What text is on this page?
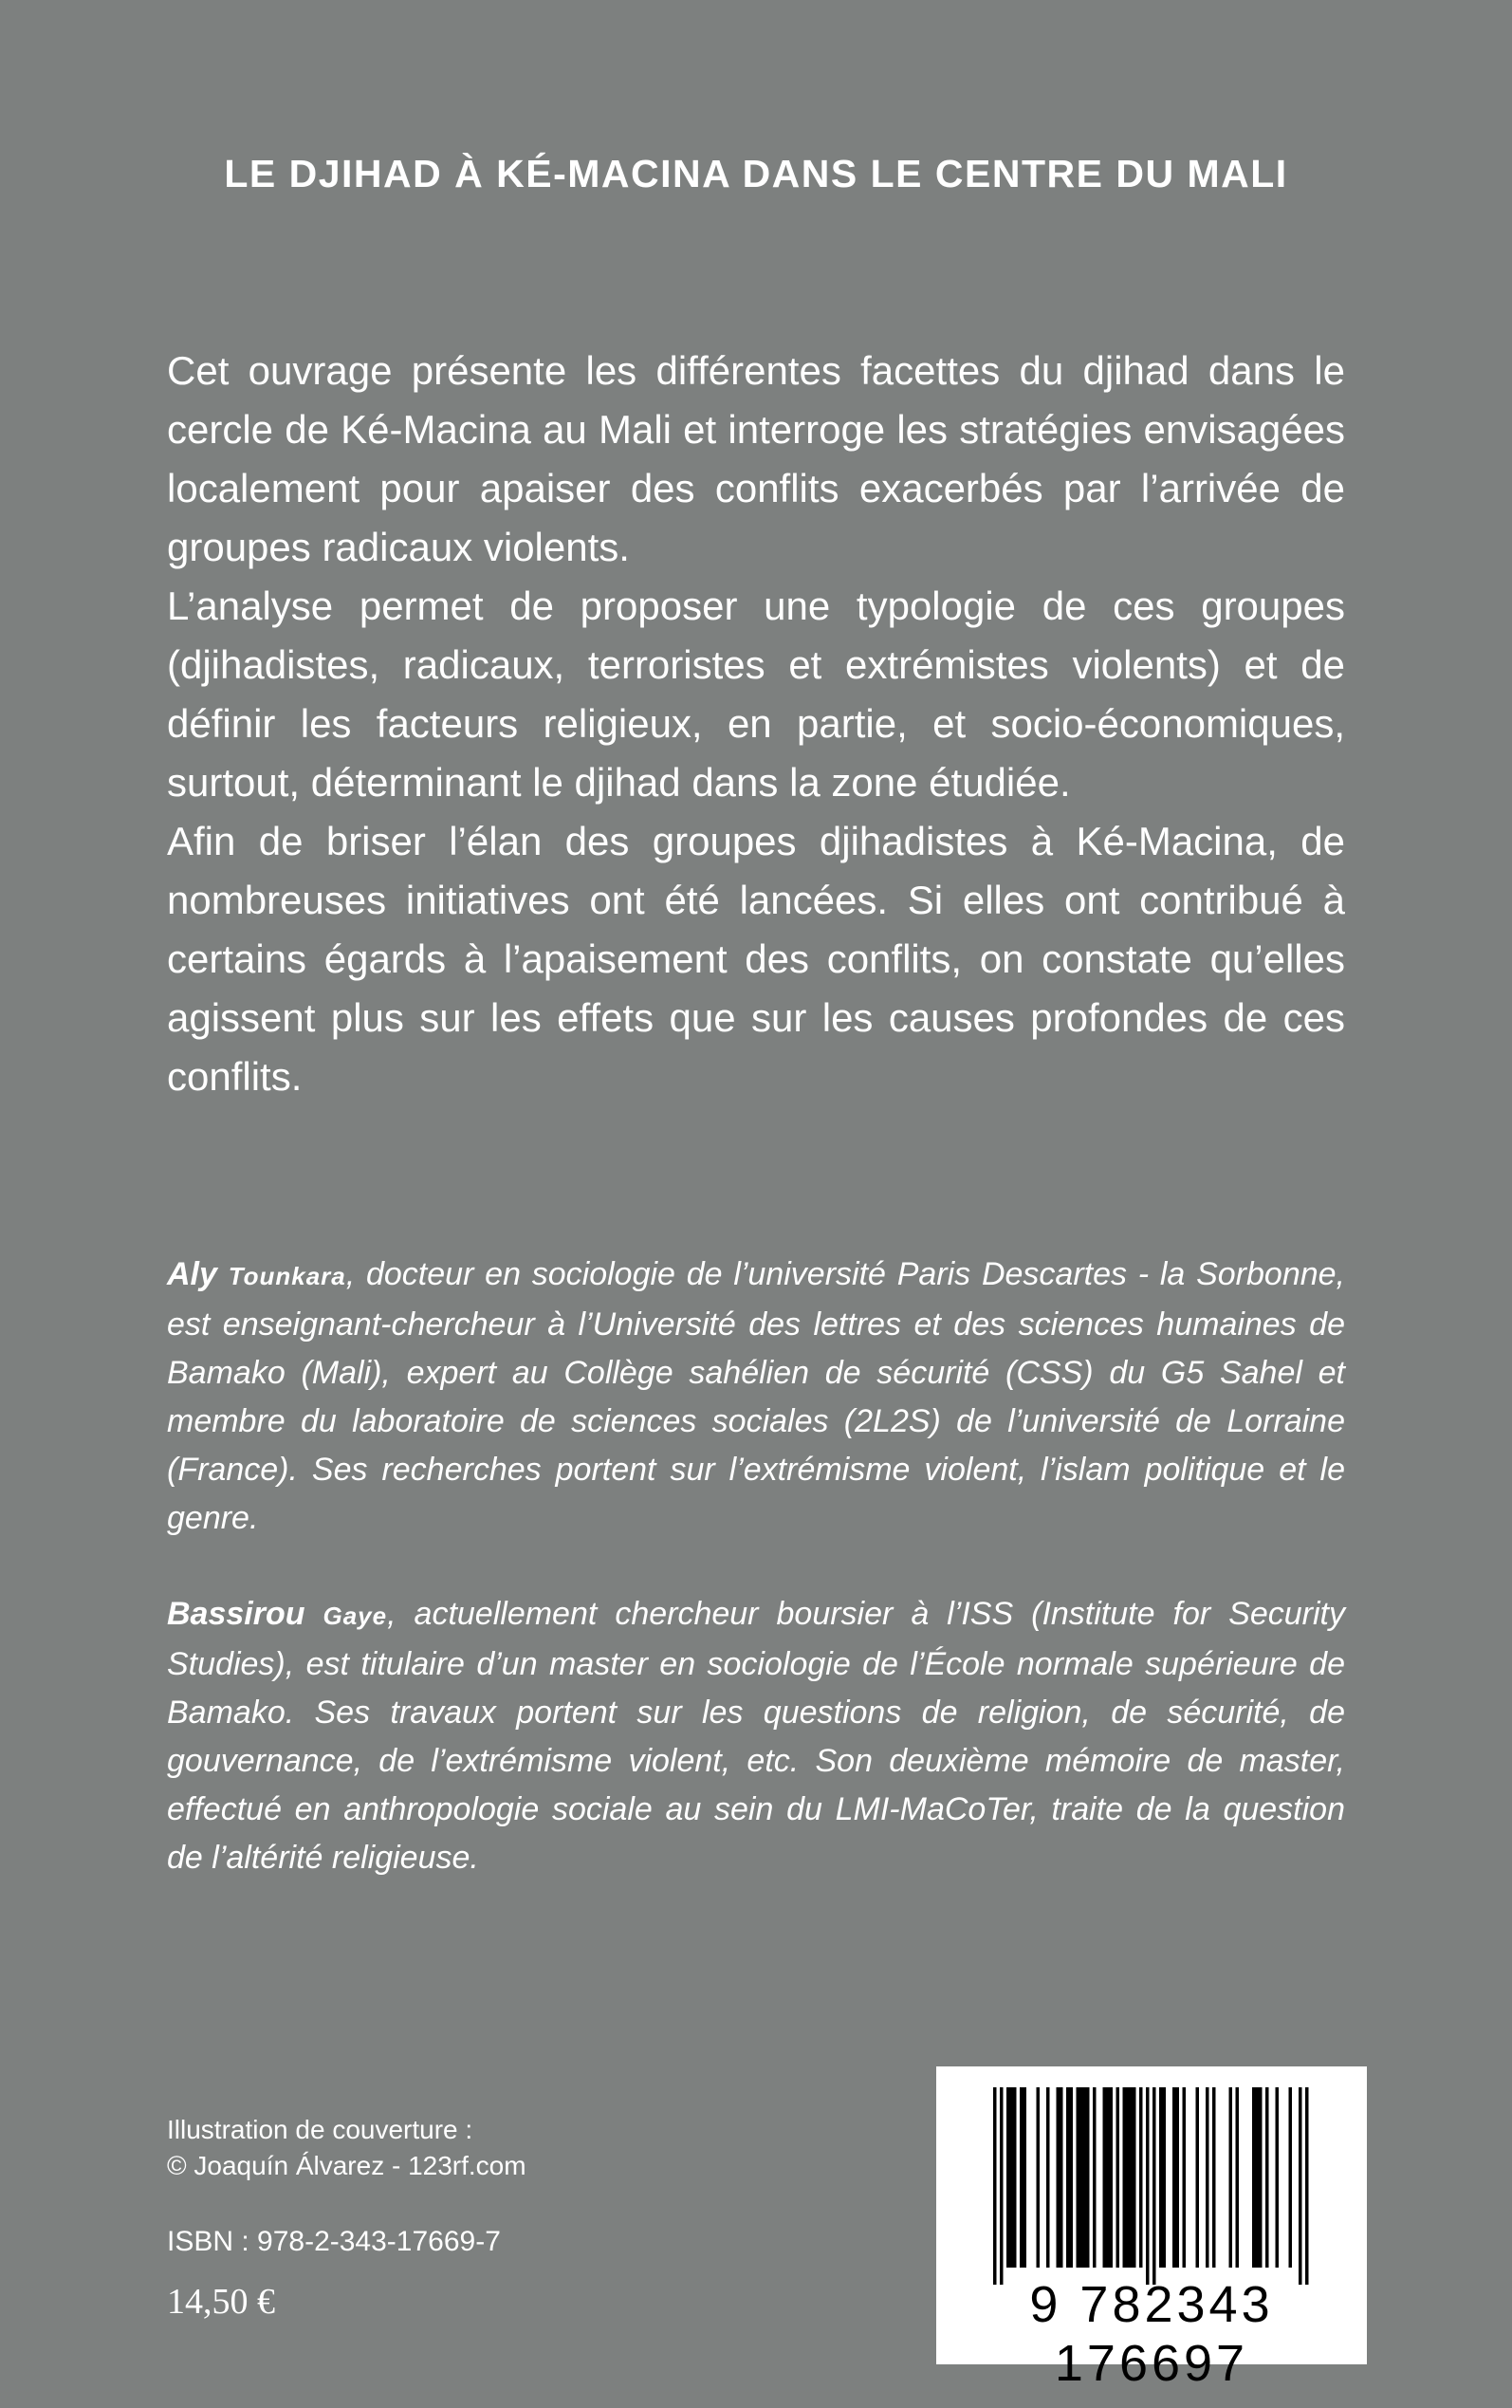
LE DJIHAD À KÉ-MACINA DANS LE CENTRE DU MALI

Cet ouvrage présente les différentes facettes du djihad dans le cercle de Ké-Macina au Mali et interroge les stratégies envisagées localement pour apaiser des conflits exacerbés par l’arrivée de groupes radicaux violents.

L’analyse permet de proposer une typologie de ces groupes (djihadistes, radicaux, terroristes et extrémistes violents) et de définir les facteurs religieux, en partie, et socio-économiques, surtout, déterminant le djihad dans la zone étudiée.

Afin de briser l’élan des groupes djihadistes à Ké-Macina, de nombreuses initiatives ont été lancées. Si elles ont contribué à certains égards à l’apaisement des conflits, on constate qu’elles agissent plus sur les effets que sur les causes profondes de ces conflits.

Aly Tounkara, docteur en sociologie de l’université Paris Descartes - la Sorbonne, est enseignant-chercheur à l’Université des lettres et des sciences humaines de Bamako (Mali), expert au Collège sahélien de sécurité (CSS) du G5 Sahel et membre du laboratoire de sciences sociales (2L2S) de l’université de Lorraine (France). Ses recherches portent sur l’extrémisme violent, l’islam politique et le genre.

Bassirou Gaye, actuellement chercheur boursier à l’ISS (Institute for Security Studies), est titulaire d’un master en sociologie de l’École normale supérieure de Bamako. Ses travaux portent sur les questions de religion, de sécurité, de gouvernance, de l’extrémisme violent, etc. Son deuxième mémoire de master, effectué en anthropologie sociale au sein du LMI-MaCoTer, traite de la question de l’altérité religieuse.

Illustration de couverture :
© Joaquín Álvarez - 123rf.com
ISBN : 978-2-343-17669-7
14,50 €	9 782343 176697
